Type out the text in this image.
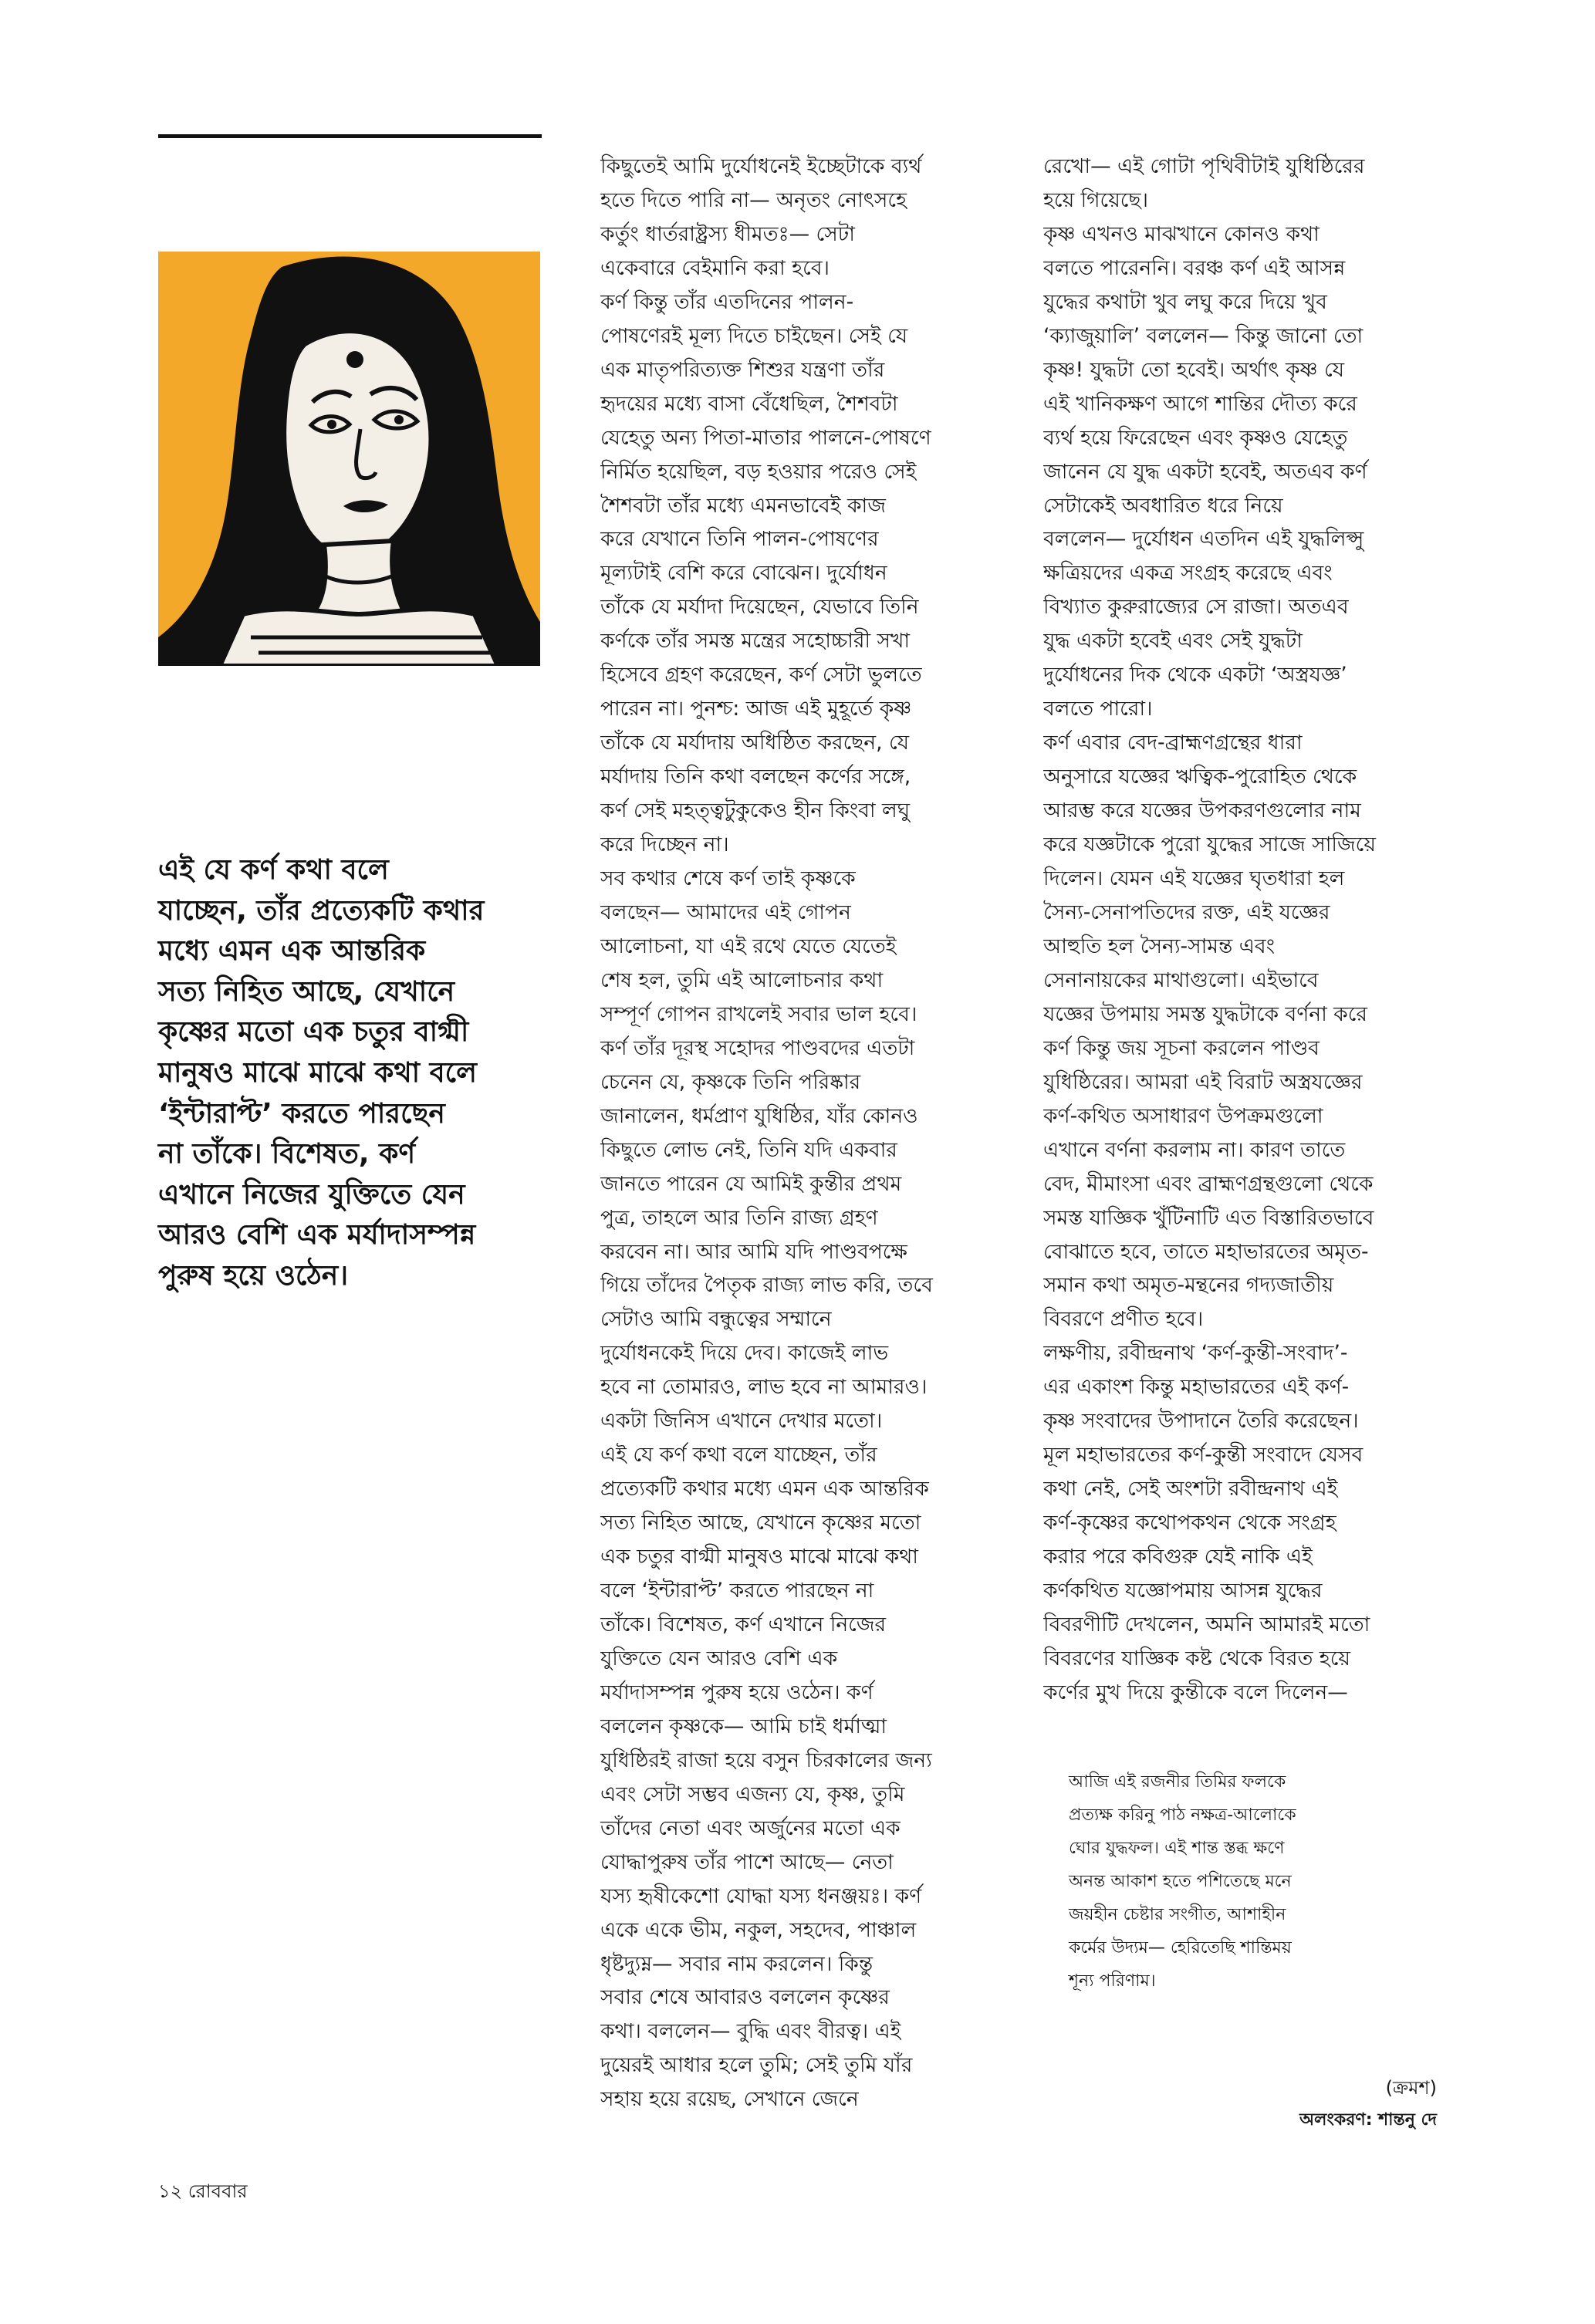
এই যে কর্ণ কথা বলে

যাচ্ছেন, তাঁর প্রত্যেকটি কথার

মধ্যে এমন এক আন্তরিক

সত্য নিহিত আছে, যেখানে

কৃষ্ণের মতো এক চতুর বাগ্মী

মানুষও মাঝে মাঝে কথা বলে

‘ইন্টারাপ্ট’ করতে পারছেন

না তাঁকে। বিশেষত, কর্ণ

এখানে নিজের যুক্তিতে যেন

আরও বেশি এক মর্যাদাসম্পন্ন

পুরুষ হয়ে ওঠেন।

কিছুতেই আমি দুর্যোধনেই ইচ্ছেটাকে ব্যর্থ

হতে দিতে পারি না— অনৃতং নোৎসহে

কর্তুং ধার্তরাষ্ট্রস্য ধীমতঃ— সেটা

একেবারে বেইমানি করা হবে।

কর্ণ কিন্তু তাঁর এতদিনের পালন-

পোষণেরই মূল্য দিতে চাইছেন। সেই যে

এক মাতৃপরিত্যক্ত শিশুর যন্ত্রণা তাঁর

হৃদয়ের মধ্যে বাসা বেঁধেছিল, শৈশবটা

যেহেতু অন্য পিতা-মাতার পালনে-পোষণে

নির্মিত হয়েছিল, বড় হওয়ার পরেও সেই

শৈশবটা তাঁর মধ্যে এমনভাবেই কাজ

করে যেখানে তিনি পালন-পোষণের

মূল্যটাই বেশি করে বোঝেন। দুর্যোধন

তাঁকে যে মর্যাদা দিয়েছেন, যেভাবে তিনি

কর্ণকে তাঁর সমস্ত মন্ত্রের সহোচ্চারী সখা

হিসেবে গ্রহণ করেছেন, কর্ণ সেটা ভুলতে

পারেন না। পুনশ্চ: আজ এই মুহূর্তে কৃষ্ণ

তাঁকে যে মর্যাদায় অধিষ্ঠিত করছেন, যে

মর্যাদায় তিনি কথা বলছেন কর্ণের সঙ্গে,

কর্ণ সেই মহত্ত্বটুকুকেও হীন কিংবা লঘু

করে দিচ্ছেন না।

সব কথার শেষে কর্ণ তাই কৃষ্ণকে

বলছেন— আমাদের এই গোপন

আলোচনা, যা এই রথে যেতে যেতেই

শেষ হল, তুমি এই আলোচনার কথা

সম্পূর্ণ গোপন রাখলেই সবার ভাল হবে।

কর্ণ তাঁর দূরস্থ সহোদর পাণ্ডবদের এতটা

চেনেন যে, কৃষ্ণকে তিনি পরিষ্কার

জানালেন, ধর্মপ্রাণ যুধিষ্ঠির, যাঁর কোনও

কিছুতে লোভ নেই, তিনি যদি একবার

জানতে পারেন যে আমিই কুন্তীর প্রথম

পুত্র, তাহলে আর তিনি রাজ্য গ্রহণ

করবেন না। আর আমি যদি পাণ্ডবপক্ষে

গিয়ে তাঁদের পৈতৃক রাজ্য লাভ করি, তবে

সেটাও আমি বন্ধুত্বের সম্মানে

দুর্যোধনকেই দিয়ে দেব। কাজেই লাভ

হবে না তোমারও, লাভ হবে না আমারও।

একটা জিনিস এখানে দেখার মতো।

এই যে কর্ণ কথা বলে যাচ্ছেন, তাঁর

প্রত্যেকটি কথার মধ্যে এমন এক আন্তরিক

সত্য নিহিত আছে, যেখানে কৃষ্ণের মতো

এক চতুর বাগ্মী মানুষও মাঝে মাঝে কথা

বলে ‘ইন্টারাপ্ট’ করতে পারছেন না

তাঁকে। বিশেষত, কর্ণ এখানে নিজের

যুক্তিতে যেন আরও বেশি এক

মর্যাদাসম্পন্ন পুরুষ হয়ে ওঠেন। কর্ণ

বললেন কৃষ্ণকে— আমি চাই ধর্মাত্মা

যুধিষ্ঠিরই রাজা হয়ে বসুন চিরকালের জন্য

এবং সেটা সম্ভব এজন্য যে, কৃষ্ণ, তুমি

তাঁদের নেতা এবং অর্জুনের মতো এক

যোদ্ধাপুরুষ তাঁর পাশে আছে— নেতা

যস্য হৃষীকেশো যোদ্ধা যস্য ধনঞ্জয়ঃ। কর্ণ

একে একে ভীম, নকুল, সহদেব, পাঞ্চাল

ধৃষ্টদ্যুম্ন— সবার নাম করলেন। কিন্তু

সবার শেষে আবারও বললেন কৃষ্ণের

কথা। বললেন— বুদ্ধি এবং বীরত্ব। এই

দুয়েরই আধার হলে তুমি; সেই তুমি যাঁর

সহায় হয়ে রয়েছ, সেখানে জেনে

রেখো— এই গোটা পৃথিবীটাই যুধিষ্ঠিরের

হয়ে গিয়েছে।

কৃষ্ণ এখনও মাঝখানে কোনও কথা

বলতে পারেননি। বরঞ্চ কর্ণ এই আসন্ন

যুদ্ধের কথাটা খুব লঘু করে দিয়ে খুব

‘ক্যাজুয়ালি’ বললেন— কিন্তু জানো তো

কৃষ্ণ! যুদ্ধটা তো হবেই। অর্থাৎ কৃষ্ণ যে

এই খানিকক্ষণ আগে শান্তির দৌত্য করে

ব্যর্থ হয়ে ফিরেছেন এবং কৃষ্ণও যেহেতু

জানেন যে যুদ্ধ একটা হবেই, অতএব কর্ণ

সেটাকেই অবধারিত ধরে নিয়ে

বললেন— দুর্যোধন এতদিন এই যুদ্ধলিপ্সু

ক্ষত্রিয়দের একত্র সংগ্রহ করেছে এবং

বিখ্যাত কুরুরাজ্যের সে রাজা। অতএব

যুদ্ধ একটা হবেই এবং সেই যুদ্ধটা

দুর্যোধনের দিক থেকে একটা ‘অস্ত্রযজ্ঞ’

বলতে পারো।

কর্ণ এবার বেদ-ব্রাহ্মণগ্রন্থের ধারা

অনুসারে যজ্ঞের ঋত্বিক-পুরোহিত থেকে

আরম্ভ করে যজ্ঞের উপকরণগুলোর নাম

করে যজ্ঞটাকে পুরো যুদ্ধের সাজে সাজিয়ে

দিলেন। যেমন এই যজ্ঞের ঘৃতধারা হল

সৈন্য-সেনাপতিদের রক্ত, এই যজ্ঞের

আহুতি হল সৈন্য-সামন্ত এবং

সেনানায়কের মাথাগুলো। এইভাবে

যজ্ঞের উপমায় সমস্ত যুদ্ধটাকে বর্ণনা করে

কর্ণ কিন্তু জয় সূচনা করলেন পাণ্ডব

যুধিষ্ঠিরের। আমরা এই বিরাট অস্ত্রযজ্ঞের

কর্ণ-কথিত অসাধারণ উপক্রমগুলো

এখানে বর্ণনা করলাম না। কারণ তাতে

বেদ, মীমাংসা এবং ব্রাহ্মণগ্রন্থগুলো থেকে

সমস্ত যাজ্ঞিক খুঁটিনাটি এত বিস্তারিতভাবে

বোঝাতে হবে, তাতে মহাভারতের অমৃত-

সমান কথা অমৃত-মন্থনের গদ্যজাতীয়

বিবরণে প্রণীত হবে।

লক্ষণীয়, রবীন্দ্রনাথ ‘কর্ণ-কুন্তী-সংবাদ’-

এর একাংশ কিন্তু মহাভারতের এই কর্ণ-

কৃষ্ণ সংবাদের উপাদানে তৈরি করেছেন।

মূল মহাভারতের কর্ণ-কুন্তী সংবাদে যেসব

কথা নেই, সেই অংশটা রবীন্দ্রনাথ এই

কর্ণ-কৃষ্ণের কথোপকথন থেকে সংগ্রহ

করার পরে কবিগুরু যেই নাকি এই

কর্ণকথিত যজ্ঞোপমায় আসন্ন যুদ্ধের

বিবরণীটি দেখলেন, অমনি আমারই মতো

বিবরণের যাজ্ঞিক কষ্ট থেকে বিরত হয়ে

কর্ণের মুখ দিয়ে কুন্তীকে বলে দিলেন—

আজি এই রজনীর তিমির ফলকে

প্রত্যক্ষ করিনু পাঠ নক্ষত্র-আলোকে

ঘোর যুদ্ধফল। এই শান্ত স্তব্ধ ক্ষণে

অনন্ত আকাশ হতে পশিতেছে মনে

জয়হীন চেষ্টার সংগীত, আশাহীন

কর্মের উদ্যম— হেরিতেছি শান্তিময়

শূন্য পরিণাম।

(ক্রমশ)
অলংকরণ: শান্তনু দে
১২ রোববার
